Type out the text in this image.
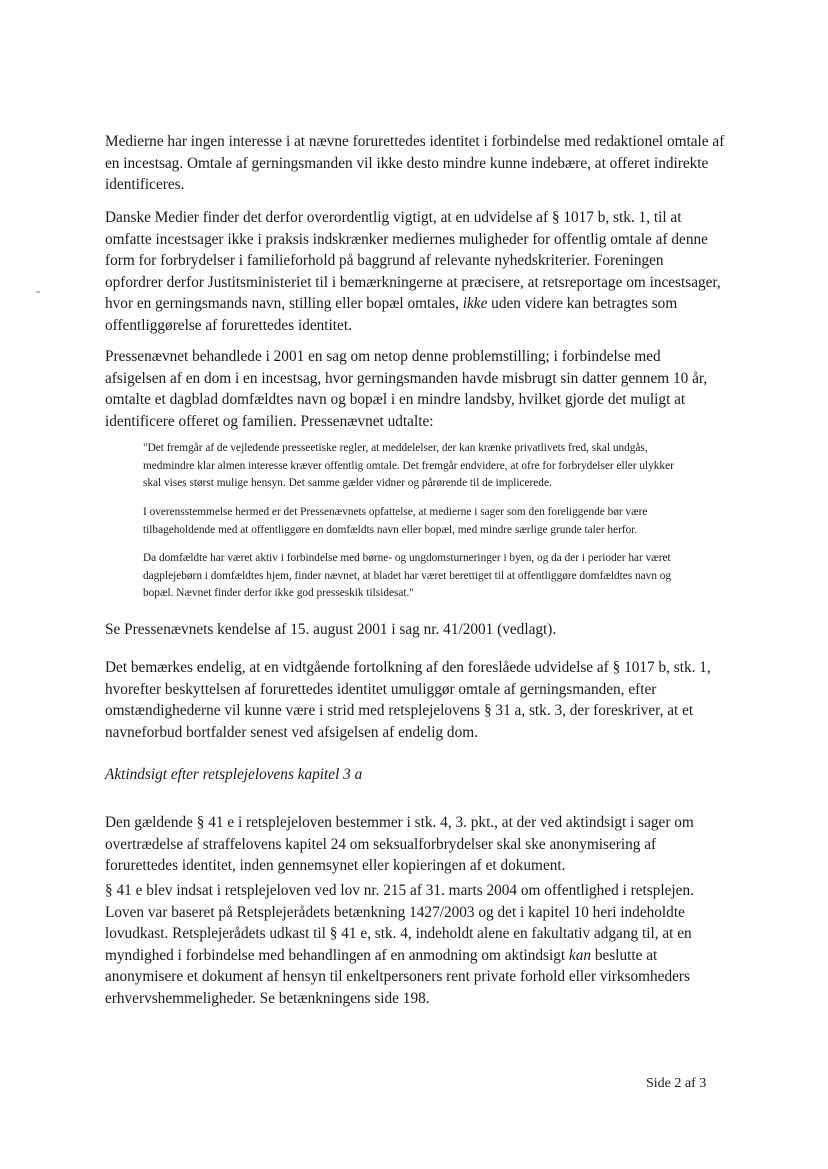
Medierne har ingen interesse i at nævne forurettedes identitet i forbindelse med redaktionel omtale af en incestsag. Omtale af gerningsmanden vil ikke desto mindre kunne indebære, at offeret indirekte identificeres.

Danske Medier finder det derfor overordentlig vigtigt, at en udvidelse af § 1017 b, stk. 1, til at omfatte incestsager ikke i praksis indskrænker mediernes muligheder for offentlig omtale af denne form for forbrydelser i familieforhold på baggrund af relevante nyhedskriterier. Foreningen opfordrer derfor Justitsministeriet til i bemærkningerne at præcisere, at retsreportage om incestsager, hvor en gerningsmands navn, stilling eller bopæl omtales, ikke uden videre kan betragtes som offentliggørelse af forurettedes identitet.

Pressenævnet behandlede i 2001 en sag om netop denne problemstilling; i forbindelse med afsigelsen af en dom i en incestsag, hvor gerningsmanden havde misbrugt sin datter gennem 10 år, omtalte et dagblad domfældtes navn og bopæl i en mindre landsby, hvilket gjorde det muligt at identificere offeret og familien. Pressenævnet udtalte:

"Det fremgår af de vejledende presseetiske regler, at meddelelser, der kan krænke privatlivets fred, skal undgås, medmindre klar almen interesse kræver offentlig omtale. Det fremgår endvidere, at ofre for forbrydelser eller ulykker skal vises størst mulige hensyn. Det samme gælder vidner og pårørende til de implicerede.

I overensstemmelse hermed er det Pressenævnets opfattelse, at medierne i sager som den foreliggende bør være tilbageholdende med at offentliggøre en domfældts navn eller bopæl, med mindre særlige grunde taler herfor.

Da domfældte har været aktiv i forbindelse med børne- og ungdomsturneringer i byen, og da der i perioder har været dagplejebørn i domfældtes hjem, finder nævnet, at bladet har været berettiget til at offentliggøre domfældtes navn og bopæl. Nævnet finder derfor ikke god presseskik tilsidesat."

Se Pressenævnets kendelse af 15. august 2001 i sag nr. 41/2001 (vedlagt).

Det bemærkes endelig, at en vidtgående fortolkning af den foreslåede udvidelse af § 1017 b, stk. 1, hvorefter beskyttelsen af forurettedes identitet umuliggør omtale af gerningsmanden, efter omstændighederne vil kunne være i strid med retsplejelovens § 31 a, stk. 3, der foreskriver, at et navneforbud bortfalder senest ved afsigelsen af endelig dom.

Aktindsigt efter retsplejelovens kapitel 3 a

Den gældende § 41 e i retsplejeloven bestemmer i stk. 4, 3. pkt., at der ved aktindsigt i sager om overtrædelse af straffelovens kapitel 24 om seksualforbrydelser skal ske anonymisering af forurettedes identitet, inden gennemsynet eller kopieringen af et dokument.

§ 41 e blev indsat i retsplejeloven ved lov nr. 215 af 31. marts 2004 om offentlighed i retsplejen. Loven var baseret på Retsplejerådets betænkning 1427/2003 og det i kapitel 10 heri indeholdte lovudkast. Retsplejerådets udkast til § 41 e, stk. 4, indeholdt alene en fakultativ adgang til, at en myndighed i forbindelse med behandlingen af en anmodning om aktindsigt kan beslutte at anonymisere et dokument af hensyn til enkeltpersoners rent private forhold eller virksomheders erhvervshemmeligheder. Se betænkningens side 198.

Side 2 af 3
